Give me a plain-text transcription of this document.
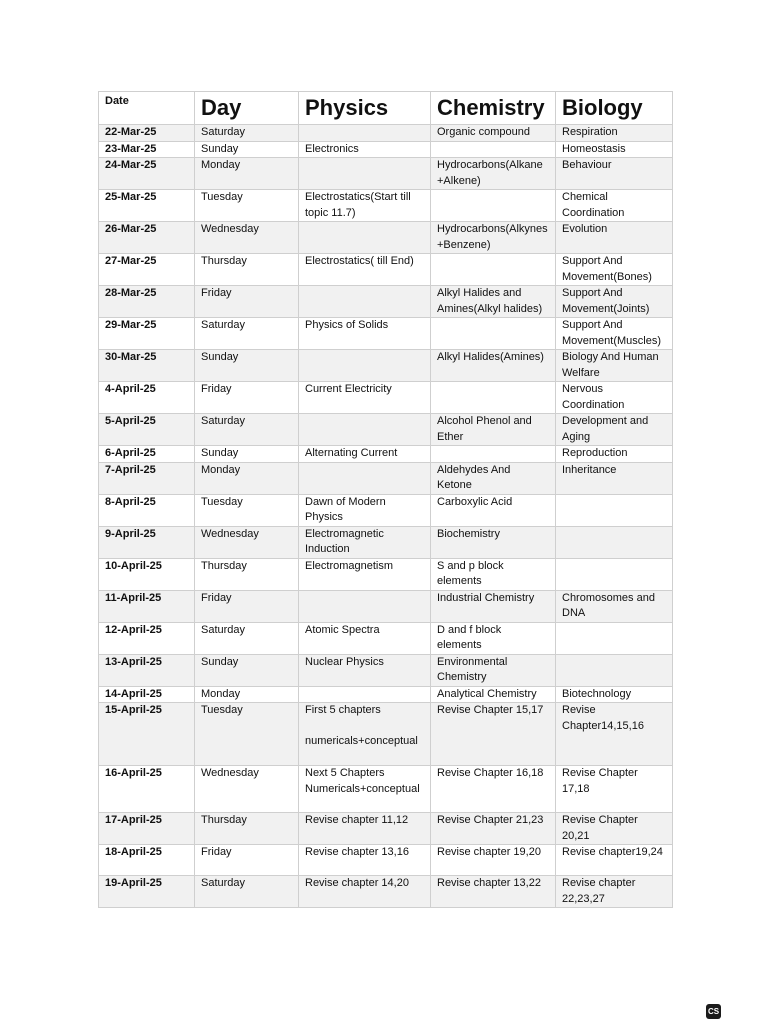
Date	Day	Physics	Chemistry	Biology
22-Mar-25	Saturday		Organic compound	Respiration
23-Mar-25	Sunday	Electronics		Homeostasis
24-Mar-25	Monday		Hydrocarbons(Alkane
+Alkene)	Behaviour
25-Mar-25	Tuesday	Electrostatics(Start till
topic 11.7)		Chemical
Coordination
26-Mar-25	Wednesday		Hydrocarbons(Alkynes
+Benzene)	Evolution
27-Mar-25	Thursday	Electrostatics( till End)		Support And
Movement(Bones)
28-Mar-25	Friday		Alkyl Halides and
Amines(Alkyl halides)	Support And
Movement(Joints)
29-Mar-25	Saturday	Physics of Solids		Support And
Movement(Muscles)
30-Mar-25	Sunday		Alkyl Halides(Amines)	Biology And Human
Welfare
4-April-25	Friday	Current Electricity		Nervous
Coordination
5-April-25	Saturday		Alcohol Phenol and
Ether	Development and
Aging
6-April-25	Sunday	Alternating Current		Reproduction
7-April-25	Monday		Aldehydes And
Ketone	Inheritance
8-April-25	Tuesday	Dawn of Modern
Physics	Carboxylic Acid	
9-April-25	Wednesday	Electromagnetic
Induction	Biochemistry	
10-April-25	Thursday	Electromagnetism	S and p block
elements	
11-April-25	Friday		Industrial Chemistry	Chromosomes and
DNA
12-April-25	Saturday	Atomic Spectra	D and f block
elements	
13-April-25	Sunday	Nuclear Physics	Environmental
Chemistry	
14-April-25	Monday		Analytical Chemistry	Biotechnology
15-April-25	Tuesday	First 5 chapters

numericals+conceptual	Revise Chapter 15,17	Revise
Chapter14,15,16
16-April-25	Wednesday	Next 5 Chapters
Numericals+conceptual	Revise Chapter 16,18	Revise Chapter
17,18
17-April-25	Thursday	Revise chapter 11,12	Revise Chapter 21,23	Revise Chapter
20,21
18-April-25	Friday	Revise chapter 13,16	Revise chapter 19,20	Revise chapter19,24
19-April-25	Saturday	Revise chapter 14,20	Revise chapter 13,22	Revise chapter
22,23,27
CS
